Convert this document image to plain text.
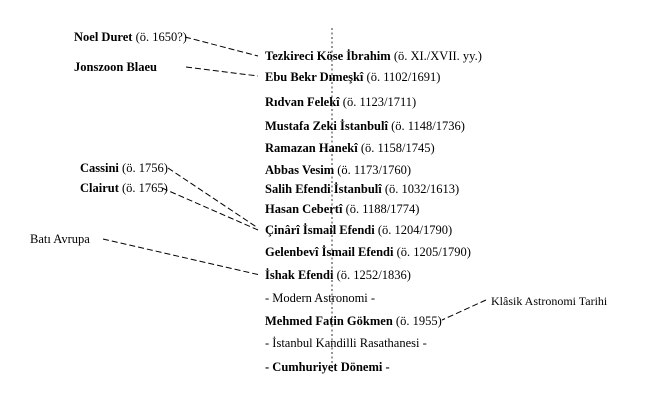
Noel Duret (ö. 1650?)
Jonszoon Blaeu
Cassini (ö. 1756)
Clairut (ö. 1765)
Batı Avrupa
Tezkireci Köse İbrahim (ö. XI./XVII. yy.)
Ebu Bekr Dımeşkî (ö. 1102/1691)
Rıdvan Felekî (ö. 1123/1711)
Mustafa Zeki İstanbulî (ö. 1148/1736)
Ramazan Hanekî (ö. 1158/1745)
Abbas Vesim (ö. 1173/1760)
Salih Efendi İstanbulî (ö. 1032/1613)
Hasan Cebertî (ö. 1188/1774)
Çinârî İsmail Efendi (ö. 1204/1790)
Gelenbevî İsmail Efendi (ö. 1205/1790)
İshak Efendi (ö. 1252/1836)
- Modern Astronomi -
Mehmed Fatin Gökmen (ö. 1955)
- İstanbul Kandilli Rasathanesi -
- Cumhuriyet Dönemi -
Klâsik Astronomi Tarihi
